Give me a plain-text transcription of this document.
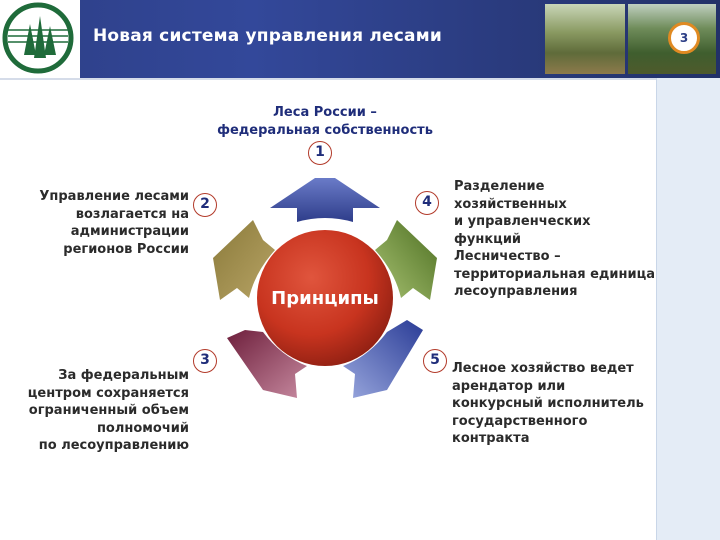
Новая система управления лесами	3
Леса России –
федеральная собственность
Управление лесами
возлагается на
администрации
регионов России
За федеральным
центром сохраняется
ограниченный объем
полномочий
по лесоуправлению
Разделение
хозяйственных
и управленческих
функций
Лесничество –
территориальная единица
лесоуправления
Лесное хозяйство ведет
арендатор или
конкурсный исполнитель
государственного
контракта
Принципы
1
2
3
4
5
